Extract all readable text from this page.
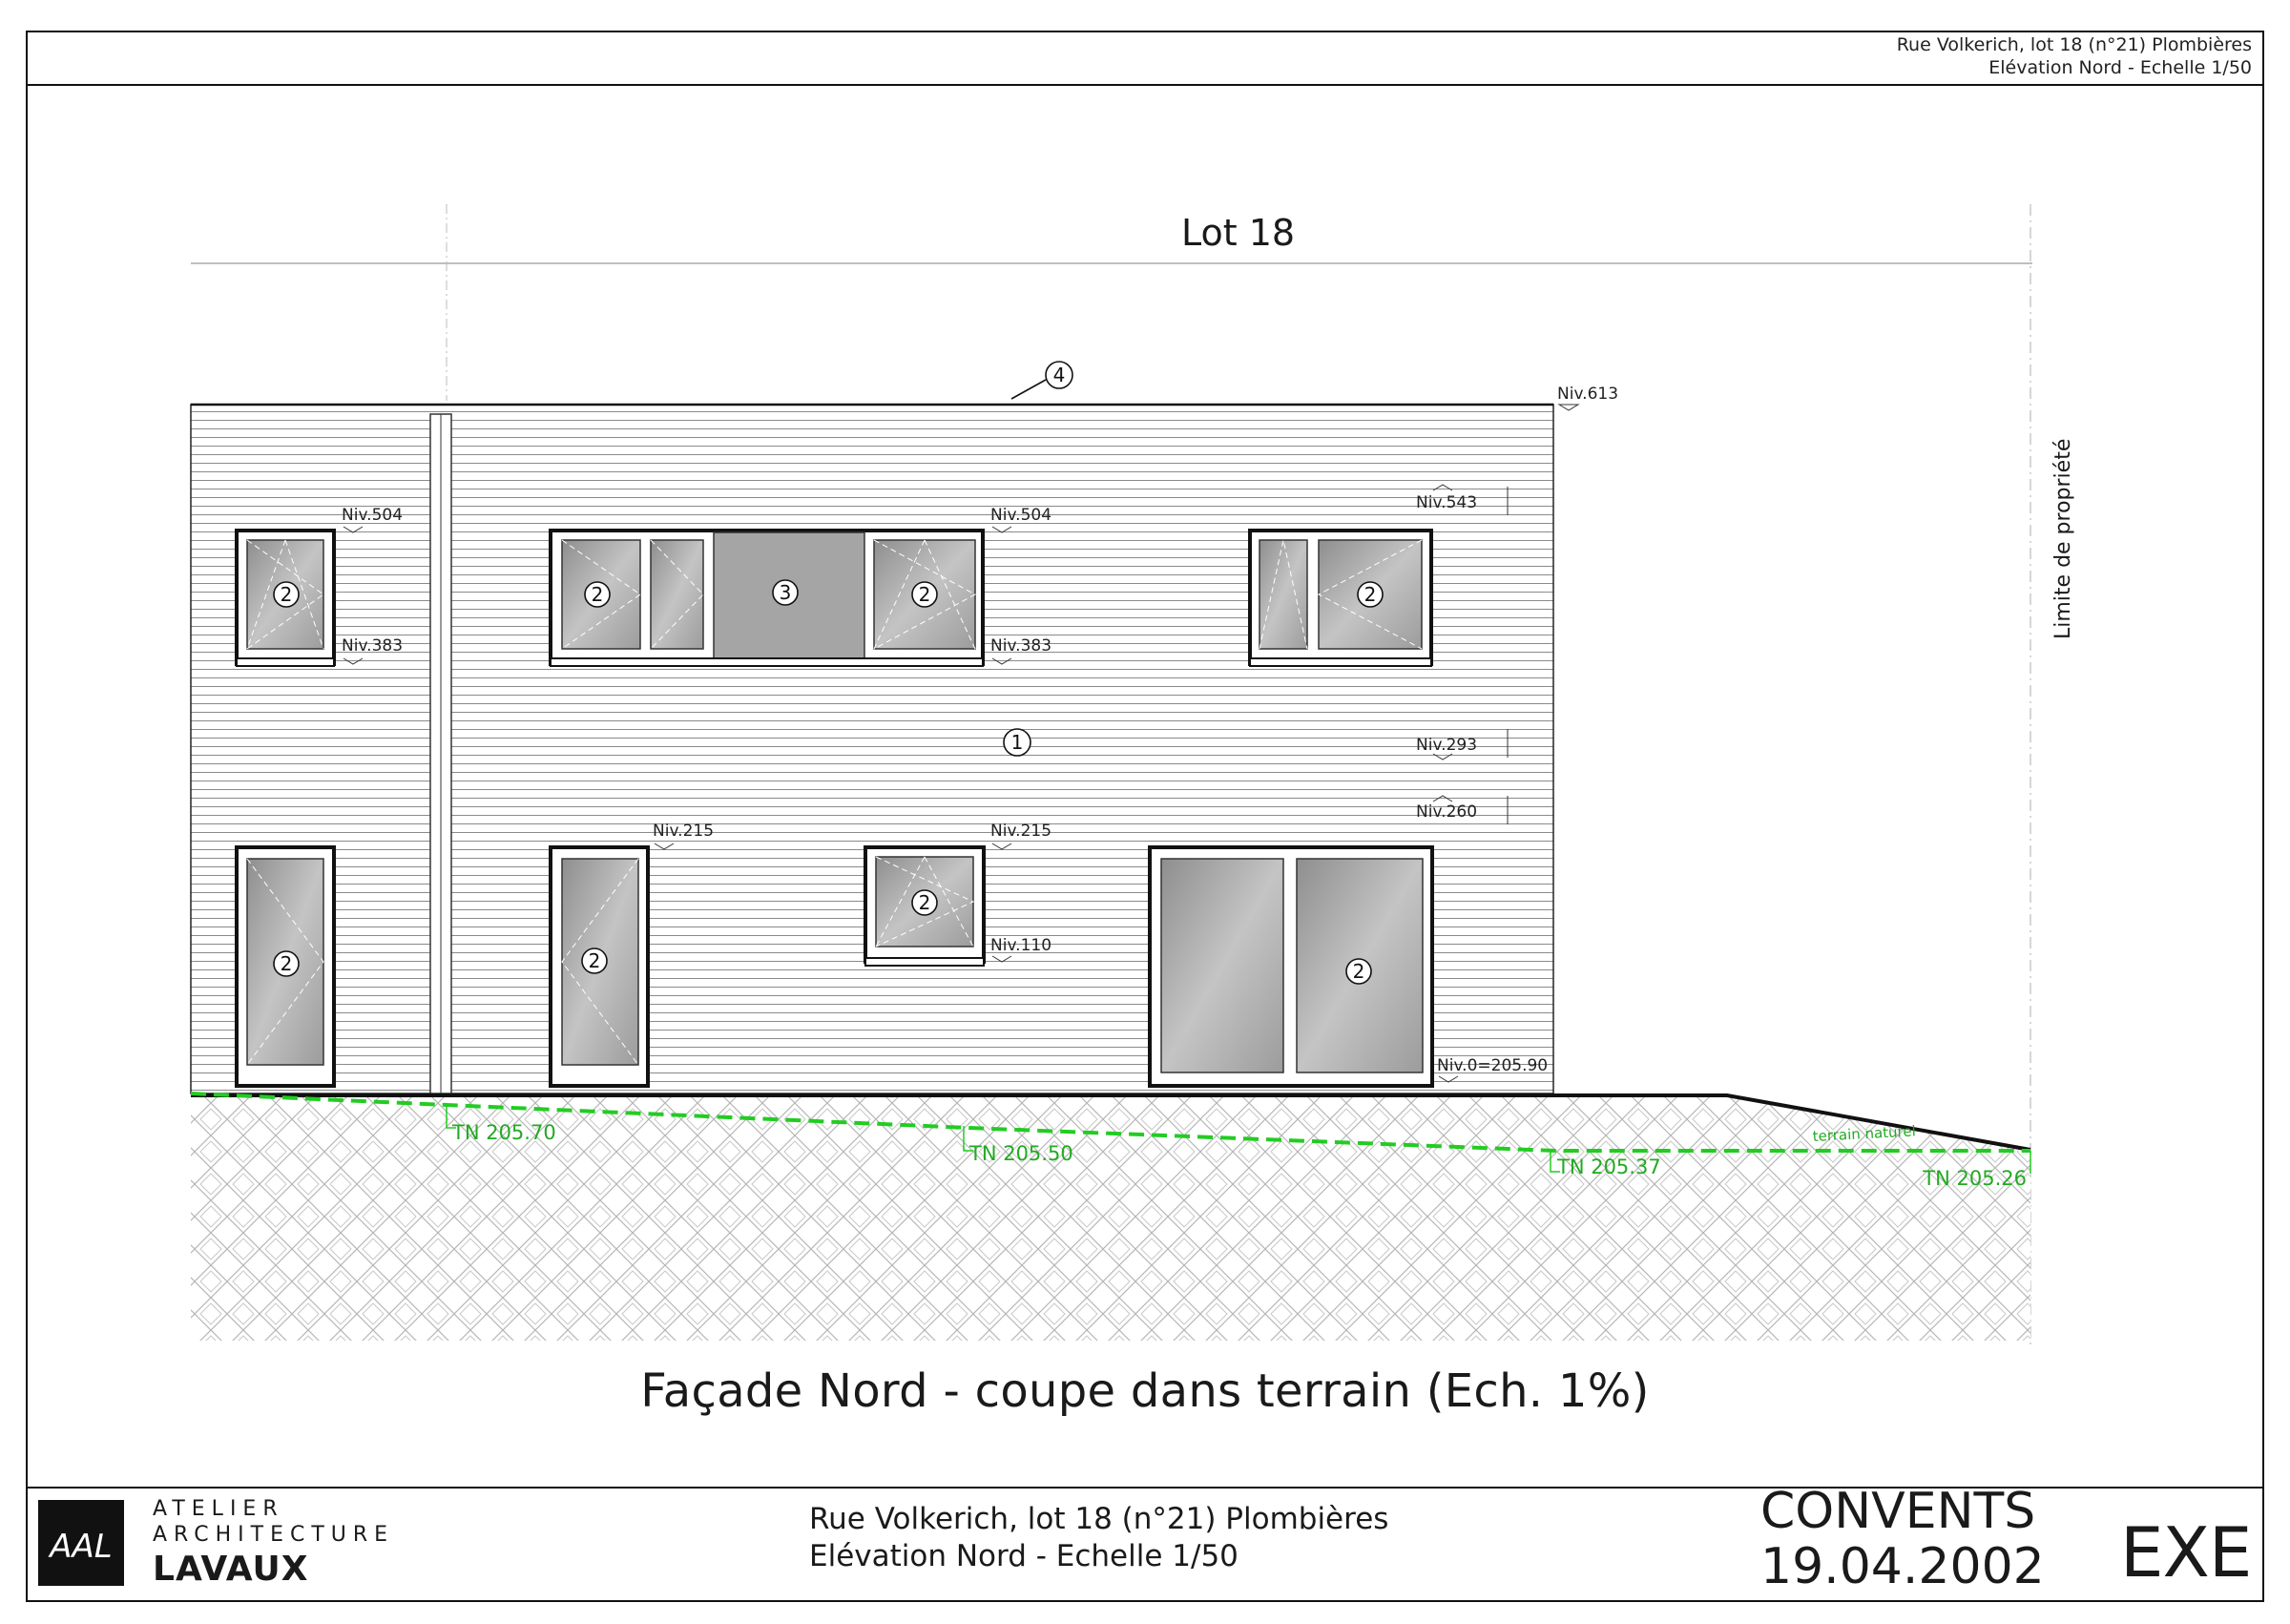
Rue Volkerich, lot 18 (n°21) Plombières
Elévation Nord - Echelle 1/50
TN 205.70
TN 205.50
TN 205.37	TN 205.26
terrain naturel
Niv.613
Niv.543
Niv.504	Niv.504
Niv.383	Niv.383
Niv.293
Niv.260
Niv.215	Niv.215
Niv.110
Niv.0=205.90
4
1
3
2	2	2	2
2	2
2
2
Lot 18
Limite de propriété
Façade Nord - coupe dans terrain (Ech. 1%)
AAL
ATELIER
ARCHITECTURE
LAVAUX
Rue Volkerich, lot 18 (n°21) Plombières
Elévation Nord - Echelle 1/50
CONVENTS
19.04.2002 EXE
